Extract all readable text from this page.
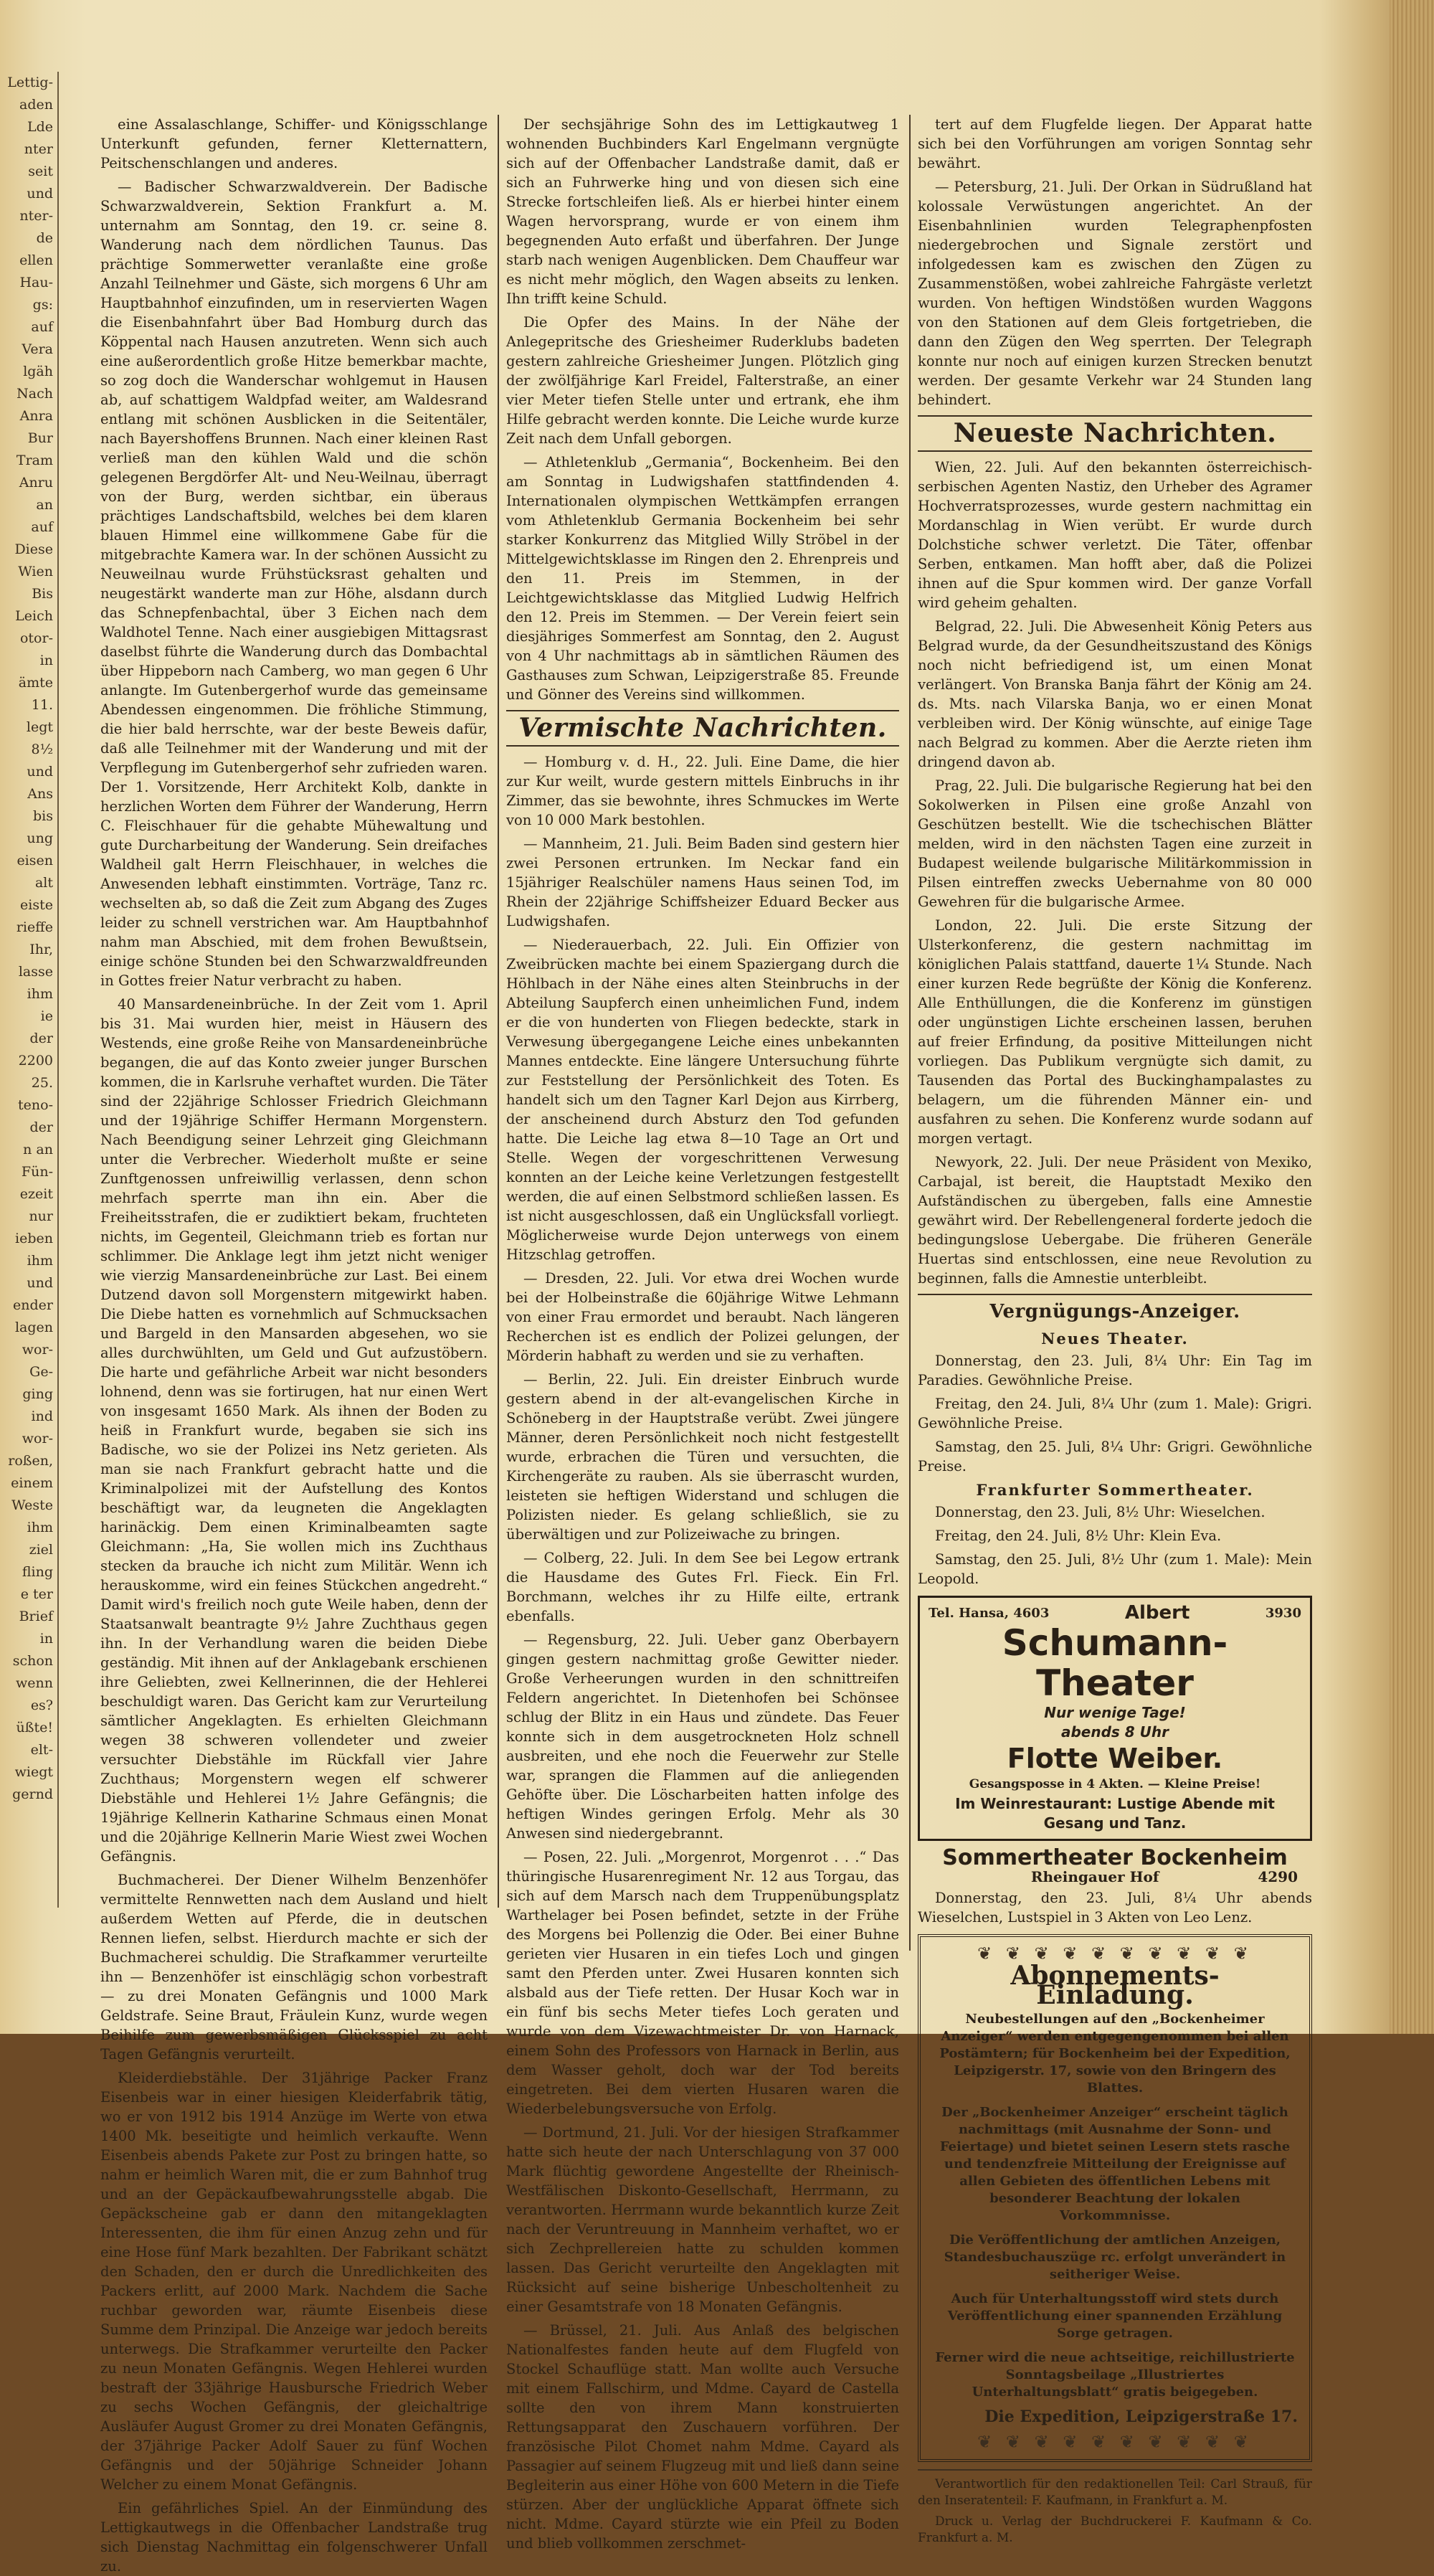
Lettig-
aden
Lde
nter
seit
und
nter-
de
ellen
Hau-
gs:
auf
Vera
lgäh
Nach
Anra
Bur
Tram
Anru
an
auf
Diese
Wien
Bis
Leich
otor-
in
ämte
11.
legt
8½
und
Ans
bis
ung
eisen
alt
eiste
rieffe
Ihr,
lasse
ihm
ie
der
2200
25.
teno-
der
n an
Fün-
ezeit
nur
ieben
ihm
und
ender
lagen
wor-
Ge-
ging
ind
wor-
roßen,
einem
Weste
ihm
ziel
fling
e ter
Brief
in
schon
wenn
es?
üßte!
elt-
wiegt
gernd

eine Assalaschlange, Schiffer- und Königsschlange Unterkunft gefunden, ferner Kletternattern, Peitschenschlangen und anderes.

— Badischer Schwarzwaldverein. Der Badische Schwarzwaldverein, Sektion Frankfurt a. M. unternahm am Sonntag, den 19. cr. seine 8. Wanderung nach dem nördlichen Taunus. Das prächtige Sommerwetter veranlaßte eine große Anzahl Teilnehmer und Gäste, sich morgens 6 Uhr am Hauptbahnhof einzufinden, um in reservierten Wagen die Eisenbahnfahrt über Bad Homburg durch das Köppental nach Hausen anzutreten. Wenn sich auch eine außerordentlich große Hitze bemerkbar machte, so zog doch die Wanderschar wohlgemut in Hausen ab, auf schattigem Waldpfad weiter, am Waldesrand entlang mit schönen Ausblicken in die Seitentäler, nach Bayershoffens Brunnen. Nach einer kleinen Rast verließ man den kühlen Wald und die schön gelegenen Bergdörfer Alt- und Neu-Weilnau, überragt von der Burg, werden sichtbar, ein überaus prächtiges Landschaftsbild, welches bei dem klaren blauen Himmel eine willkommene Gabe für die mitgebrachte Kamera war. In der schönen Aussicht zu Neuweilnau wurde Frühstücksrast gehalten und neugestärkt wanderte man zur Höhe, alsdann durch das Schnepfenbachtal, über 3 Eichen nach dem Waldhotel Tenne. Nach einer ausgiebigen Mittagsrast daselbst führte die Wanderung durch das Dombachtal über Hippeborn nach Camberg, wo man gegen 6 Uhr anlangte. Im Gutenbergerhof wurde das gemeinsame Abendessen eingenommen. Die fröhliche Stimmung, die hier bald herrschte, war der beste Beweis dafür, daß alle Teilnehmer mit der Wanderung und mit der Verpflegung im Gutenbergerhof sehr zufrieden waren. Der 1. Vorsitzende, Herr Architekt Kolb, dankte in herzlichen Worten dem Führer der Wanderung, Herrn C. Fleischhauer für die gehabte Mühewaltung und gute Durcharbeitung der Wanderung. Sein dreifaches Waldheil galt Herrn Fleischhauer, in welches die Anwesenden lebhaft einstimmten. Vorträge, Tanz rc. wechselten ab, so daß die Zeit zum Abgang des Zuges leider zu schnell verstrichen war. Am Hauptbahnhof nahm man Abschied, mit dem frohen Bewußtsein, einige schöne Stunden bei den Schwarzwaldfreunden in Gottes freier Natur verbracht zu haben.

40 Mansardeneinbrüche. In der Zeit vom 1. April bis 31. Mai wurden hier, meist in Häusern des Westends, eine große Reihe von Mansardeneinbrüche begangen, die auf das Konto zweier junger Burschen kommen, die in Karlsruhe verhaftet wurden. Die Täter sind der 22jährige Schlosser Friedrich Gleichmann und der 19jährige Schiffer Hermann Morgenstern. Nach Beendigung seiner Lehrzeit ging Gleichmann unter die Verbrecher. Wiederholt mußte er seine Zunftgenossen unfreiwillig verlassen, denn schon mehrfach sperrte man ihn ein. Aber die Freiheitsstrafen, die er zudiktiert bekam, fruchteten nichts, im Gegenteil, Gleichmann trieb es fortan nur schlimmer. Die Anklage legt ihm jetzt nicht weniger wie vierzig Mansardeneinbrüche zur Last. Bei einem Dutzend davon soll Morgenstern mitgewirkt haben. Die Diebe hatten es vornehmlich auf Schmucksachen und Bargeld in den Mansarden abgesehen, wo sie alles durchwühlten, um Geld und Gut aufzustöbern. Die harte und gefährliche Arbeit war nicht besonders lohnend, denn was sie fortirugen, hat nur einen Wert von insgesamt 1650 Mark. Als ihnen der Boden zu heiß in Frankfurt wurde, begaben sie sich ins Badische, wo sie der Polizei ins Netz gerieten. Als man sie nach Frankfurt gebracht hatte und die Kriminalpolizei mit der Aufstellung des Kontos beschäftigt war, da leugneten die Angeklagten harinäckig. Dem einen Kriminalbeamten sagte Gleichmann: „Ha, Sie wollen mich ins Zuchthaus stecken da brauche ich nicht zum Militär. Wenn ich herauskomme, wird ein feines Stückchen angedreht.“ Damit wird's freilich noch gute Weile haben, denn der Staatsanwalt beantragte 9½ Jahre Zuchthaus gegen ihn. In der Verhandlung waren die beiden Diebe geständig. Mit ihnen auf der Anklagebank erschienen ihre Geliebten, zwei Kellnerinnen, die der Hehlerei beschuldigt waren. Das Gericht kam zur Verurteilung sämtlicher Angeklagten. Es erhielten Gleichmann wegen 38 schweren vollendeter und zweier versuchter Diebstähle im Rückfall vier Jahre Zuchthaus; Morgenstern wegen elf schwerer Diebstähle und Hehlerei 1½ Jahre Gefängnis; die 19jährige Kellnerin Katharine Schmaus einen Monat und die 20jährige Kellnerin Marie Wiest zwei Wochen Gefängnis.

Buchmacherei. Der Diener Wilhelm Benzenhöfer vermittelte Rennwetten nach dem Ausland und hielt außerdem Wetten auf Pferde, die in deutschen Rennen liefen, selbst. Hierdurch machte er sich der Buchmacherei schuldig. Die Strafkammer verurteilte ihn — Benzenhöfer ist einschlägig schon vorbestraft — zu drei Monaten Gefängnis und 1000 Mark Geldstrafe. Seine Braut, Fräulein Kunz, wurde wegen Beihilfe zum gewerbsmäßigen Glücksspiel zu acht Tagen Gefängnis verurteilt.

Kleiderdiebstähle. Der 31jährige Packer Franz Eisenbeis war in einer hiesigen Kleiderfabrik tätig, wo er von 1912 bis 1914 Anzüge im Werte von etwa 1400 Mk. beseitigte und heimlich verkaufte. Wenn Eisenbeis abends Pakete zur Post zu bringen hatte, so nahm er heimlich Waren mit, die er zum Bahnhof trug und an der Gepäckaufbewahrungsstelle abgab. Die Gepäckscheine gab er dann den mitangeklagten Interessenten, die ihm für einen Anzug zehn und für eine Hose fünf Mark bezahlten. Der Fabrikant schätzt den Schaden, den er durch die Unredlichkeiten des Packers erlitt, auf 2000 Mark. Nachdem die Sache ruchbar geworden war, räumte Eisenbeis diese Summe dem Prinzipal. Die Anzeige war jedoch bereits unterwegs. Die Strafkammer verurteilte den Packer zu neun Monaten Gefängnis. Wegen Hehlerei wurden bestraft der 33jährige Hausbursche Friedrich Weber zu sechs Wochen Gefängnis, der gleichaltrige Ausläufer August Gromer zu drei Monaten Gefängnis, der 37jährige Packer Adolf Sauer zu fünf Wochen Gefängnis und der 50jährige Schneider Johann Welcher zu einem Monat Gefängnis.

Ein gefährliches Spiel. An der Einmündung des Lettigkautwegs in die Offenbacher Landstraße trug sich Dienstag Nachmittag ein folgenschwerer Unfall zu.

Der sechsjährige Sohn des im Lettigkautweg 1 wohnenden Buchbinders Karl Engelmann vergnügte sich auf der Offenbacher Landstraße damit, daß er sich an Fuhrwerke hing und von diesen sich eine Strecke fortschleifen ließ. Als er hierbei hinter einem Wagen hervorsprang, wurde er von einem ihm begegnenden Auto erfaßt und überfahren. Der Junge starb nach wenigen Augenblicken. Dem Chauffeur war es nicht mehr möglich, den Wagen abseits zu lenken. Ihn trifft keine Schuld.

Die Opfer des Mains. In der Nähe der Anlegepritsche des Griesheimer Ruderklubs badeten gestern zahlreiche Griesheimer Jungen. Plötzlich ging der zwölfjährige Karl Freidel, Falterstraße, an einer vier Meter tiefen Stelle unter und ertrank, ehe ihm Hilfe gebracht werden konnte. Die Leiche wurde kurze Zeit nach dem Unfall geborgen.

— Athletenklub „Germania“, Bockenheim. Bei den am Sonntag in Ludwigshafen stattfindenden 4. Internationalen olympischen Wettkämpfen errangen vom Athletenklub Germania Bockenheim bei sehr starker Konkurrenz das Mitglied Willy Ströbel in der Mittelgewichtsklasse im Ringen den 2. Ehrenpreis und den 11. Preis im Stemmen, in der Leichtgewichtsklasse das Mitglied Ludwig Helfrich den 12. Preis im Stemmen. — Der Verein feiert sein diesjähriges Sommerfest am Sonntag, den 2. August von 4 Uhr nachmittags ab in sämtlichen Räumen des Gasthauses zum Schwan, Leipzigerstraße 85. Freunde und Gönner des Vereins sind willkommen.

Vermischte Nachrichten.

— Homburg v. d. H., 22. Juli. Eine Dame, die hier zur Kur weilt, wurde gestern mittels Einbruchs in ihr Zimmer, das sie bewohnte, ihres Schmuckes im Werte von 10 000 Mark bestohlen.

— Mannheim, 21. Juli. Beim Baden sind gestern hier zwei Personen ertrunken. Im Neckar fand ein 15jähriger Realschüler namens Haus seinen Tod, im Rhein der 22jährige Schiffsheizer Eduard Becker aus Ludwigshafen.

— Niederauerbach, 22. Juli. Ein Offizier von Zweibrücken machte bei einem Spaziergang durch die Höhlbach in der Nähe eines alten Steinbruchs in der Abteilung Saupferch einen unheimlichen Fund, indem er die von hunderten von Fliegen bedeckte, stark in Verwesung übergegangene Leiche eines unbekannten Mannes entdeckte. Eine längere Untersuchung führte zur Feststellung der Persönlichkeit des Toten. Es handelt sich um den Tagner Karl Dejon aus Kirrberg, der anscheinend durch Absturz den Tod gefunden hatte. Die Leiche lag etwa 8—10 Tage an Ort und Stelle. Wegen der vorgeschrittenen Verwesung konnten an der Leiche keine Verletzungen festgestellt werden, die auf einen Selbstmord schließen lassen. Es ist nicht ausgeschlossen, daß ein Unglücksfall vorliegt. Möglicherweise wurde Dejon unterwegs von einem Hitzschlag getroffen.

— Dresden, 22. Juli. Vor etwa drei Wochen wurde bei der Holbeinstraße die 60jährige Witwe Lehmann von einer Frau ermordet und beraubt. Nach längeren Recherchen ist es endlich der Polizei gelungen, der Mörderin habhaft zu werden und sie zu verhaften.

— Berlin, 22. Juli. Ein dreister Einbruch wurde gestern abend in der alt-evangelischen Kirche in Schöneberg in der Hauptstraße verübt. Zwei jüngere Männer, deren Persönlichkeit noch nicht festgestellt wurde, erbrachen die Türen und versuchten, die Kirchengeräte zu rauben. Als sie überrascht wurden, leisteten sie heftigen Widerstand und schlugen die Polizisten nieder. Es gelang schließlich, sie zu überwältigen und zur Polizeiwache zu bringen.

— Colberg, 22. Juli. In dem See bei Legow ertrank die Hausdame des Gutes Frl. Fieck. Ein Frl. Borchmann, welches ihr zu Hilfe eilte, ertrank ebenfalls.

— Regensburg, 22. Juli. Ueber ganz Oberbayern gingen gestern nachmittag große Gewitter nieder. Große Verheerungen wurden in den schnittreifen Feldern angerichtet. In Dietenhofen bei Schönsee schlug der Blitz in ein Haus und zündete. Das Feuer konnte sich in dem ausgetrockneten Holz schnell ausbreiten, und ehe noch die Feuerwehr zur Stelle war, sprangen die Flammen auf die anliegenden Gehöfte über. Die Löscharbeiten hatten infolge des heftigen Windes geringen Erfolg. Mehr als 30 Anwesen sind niedergebrannt.

— Posen, 22. Juli. „Morgenrot, Morgenrot . . .“ Das thüringische Husarenregiment Nr. 12 aus Torgau, das sich auf dem Marsch nach dem Truppenübungsplatz Warthelager bei Posen befindet, setzte in der Frühe des Morgens bei Pollenzig die Oder. Bei einer Buhne gerieten vier Husaren in ein tiefes Loch und gingen samt den Pferden unter. Zwei Husaren konnten sich alsbald aus der Tiefe retten. Der Husar Koch war in ein fünf bis sechs Meter tiefes Loch geraten und wurde von dem Vizewachtmeister Dr. von Harnack, einem Sohn des Professors von Harnack in Berlin, aus dem Wasser geholt, doch war der Tod bereits eingetreten. Bei dem vierten Husaren waren die Wiederbelebungsversuche von Erfolg.

— Dortmund, 21. Juli. Vor der hiesigen Strafkammer hatte sich heute der nach Unterschlagung von 37 000 Mark flüchtig gewordene Angestellte der Rheinisch-Westfälischen Diskonto-Gesellschaft, Herrmann, zu verantworten. Herrmann wurde bekanntlich kurze Zeit nach der Veruntreuung in Mannheim verhaftet, wo er sich Zechprellereien hatte zu schulden kommen lassen. Das Gericht verurteilte den Angeklagten mit Rücksicht auf seine bisherige Unbescholtenheit zu einer Gesamtstrafe von 18 Monaten Gefängnis.

— Brüssel, 21. Juli. Aus Anlaß des belgischen Nationalfestes fanden heute auf dem Flugfeld von Stockel Schauflüge statt. Man wollte auch Versuche mit einem Fallschirm, und Mdme. Cayard de Castella sollte den von ihrem Mann konstruierten Rettungsapparat den Zuschauern vorführen. Der französische Pilot Chomet nahm Mdme. Cayard als Passagier auf seinem Flugzeug mit und ließ dann seine Begleiterin aus einer Höhe von 600 Metern in die Tiefe stürzen. Aber der unglückliche Apparat öffnete sich nicht. Mdme. Cayard stürzte wie ein Pfeil zu Boden und blieb vollkommen zerschmet-

tert auf dem Flugfelde liegen. Der Apparat hatte sich bei den Vorführungen am vorigen Sonntag sehr bewährt.

— Petersburg, 21. Juli. Der Orkan in Südrußland hat kolossale Verwüstungen angerichtet. An der Eisenbahnlinien wurden Telegraphenpfosten niedergebrochen und Signale zerstört und infolgedessen kam es zwischen den Zügen zu Zusammenstößen, wobei zahlreiche Fahrgäste verletzt wurden. Von heftigen Windstößen wurden Waggons von den Stationen auf dem Gleis fortgetrieben, die dann den Zügen den Weg sperrten. Der Telegraph konnte nur noch auf einigen kurzen Strecken benutzt werden. Der gesamte Verkehr war 24 Stunden lang behindert.

Neueste Nachrichten.

Wien, 22. Juli. Auf den bekannten österreichisch-serbischen Agenten Nastiz, den Urheber des Agramer Hochverratsprozesses, wurde gestern nachmittag ein Mordanschlag in Wien verübt. Er wurde durch Dolchstiche schwer verletzt. Die Täter, offenbar Serben, entkamen. Man hofft aber, daß die Polizei ihnen auf die Spur kommen wird. Der ganze Vorfall wird geheim gehalten.

Belgrad, 22. Juli. Die Abwesenheit König Peters aus Belgrad wurde, da der Gesundheitszustand des Königs noch nicht befriedigend ist, um einen Monat verlängert. Von Branska Banja fährt der König am 24. ds. Mts. nach Vilarska Banja, wo er einen Monat verbleiben wird. Der König wünschte, auf einige Tage nach Belgrad zu kommen. Aber die Aerzte rieten ihm dringend davon ab.

Prag, 22. Juli. Die bulgarische Regierung hat bei den Sokolwerken in Pilsen eine große Anzahl von Geschützen bestellt. Wie die tschechischen Blätter melden, wird in den nächsten Tagen eine zurzeit in Budapest weilende bulgarische Militärkommission in Pilsen eintreffen zwecks Uebernahme von 80 000 Gewehren für die bulgarische Armee.

London, 22. Juli. Die erste Sitzung der Ulsterkonferenz, die gestern nachmittag im königlichen Palais stattfand, dauerte 1¼ Stunde. Nach einer kurzen Rede begrüßte der König die Konferenz. Alle Enthüllungen, die die Konferenz im günstigen oder ungünstigen Lichte erscheinen lassen, beruhen auf freier Erfindung, da positive Mitteilungen nicht vorliegen. Das Publikum vergnügte sich damit, zu Tausenden das Portal des Buckinghampalastes zu belagern, um die führenden Männer ein- und ausfahren zu sehen. Die Konferenz wurde sodann auf morgen vertagt.

Newyork, 22. Juli. Der neue Präsident von Mexiko, Carbajal, ist bereit, die Hauptstadt Mexiko den Aufständischen zu übergeben, falls eine Amnestie gewährt wird. Der Rebellengeneral forderte jedoch die bedingungslose Uebergabe. Die früheren Generäle Huertas sind entschlossen, eine neue Revolution zu beginnen, falls die Amnestie unterbleibt.

Vergnügungs-Anzeiger.
Neues Theater.

Donnerstag, den 23. Juli, 8¼ Uhr: Ein Tag im Paradies. Gewöhnliche Preise.

Freitag, den 24. Juli, 8¼ Uhr (zum 1. Male): Grigri. Gewöhnliche Preise.

Samstag, den 25. Juli, 8¼ Uhr: Grigri. Gewöhnliche Preise.

Frankfurter Sommertheater.

Donnerstag, den 23. Juli, 8½ Uhr: Wieselchen.

Freitag, den 24. Juli, 8½ Uhr: Klein Eva.

Samstag, den 25. Juli, 8½ Uhr (zum 1. Male): Mein Leopold.

Tel. Hansa, 4603	Albert	3930
Schumann-Theater
Nur wenige Tage!
abends 8 Uhr
Flotte Weiber.
Gesangsposse in 4 Akten. — Kleine Preise!
Im Weinrestaurant: Lustige Abende mit Gesang und Tanz.
Sommertheater Bockenheim
Rheingauer Hof	4290

Donnerstag, den 23. Juli, 8¼ Uhr abends Wieselchen, Lustspiel in 3 Akten von Leo Lenz.

❦ ❦ ❦ ❦ ❦ ❦ ❦ ❦ ❦ ❦
Abonnements-Einladung.

Neubestellungen auf den „Bockenheimer Anzeiger“ werden entgegengenommen bei allen Postämtern; für Bockenheim bei der Expedition, Leipzigerstr. 17, sowie von den Bringern des Blattes.

Der „Bockenheimer Anzeiger“ erscheint täglich nachmittags (mit Ausnahme der Sonn- und Feiertage) und bietet seinen Lesern stets rasche und tendenzfreie Mitteilung der Ereignisse auf allen Gebieten des öffentlichen Lebens mit besonderer Beachtung der lokalen Vorkommnisse.

Die Veröffentlichung der amtlichen Anzeigen, Standesbuchauszüge rc. erfolgt unverändert in seitheriger Weise.

Auch für Unterhaltungsstoff wird stets durch Veröffentlichung einer spannenden Erzählung Sorge getragen.

Ferner wird die neue achtseitige, reichillustrierte Sonntagsbeilage „Illustriertes Unterhaltungsblatt“ gratis beigegeben.

Die Expedition, Leipzigerstraße 17.

❦ ❦ ❦ ❦ ❦ ❦ ❦ ❦ ❦ ❦

Verantwortlich für den redaktionellen Teil: Carl Strauß, für den Inseratenteil: F. Kaufmann, in Frankfurt a. M.

Druck u. Verlag der Buchdruckerei F. Kaufmann & Co. Frankfurt a. M.
